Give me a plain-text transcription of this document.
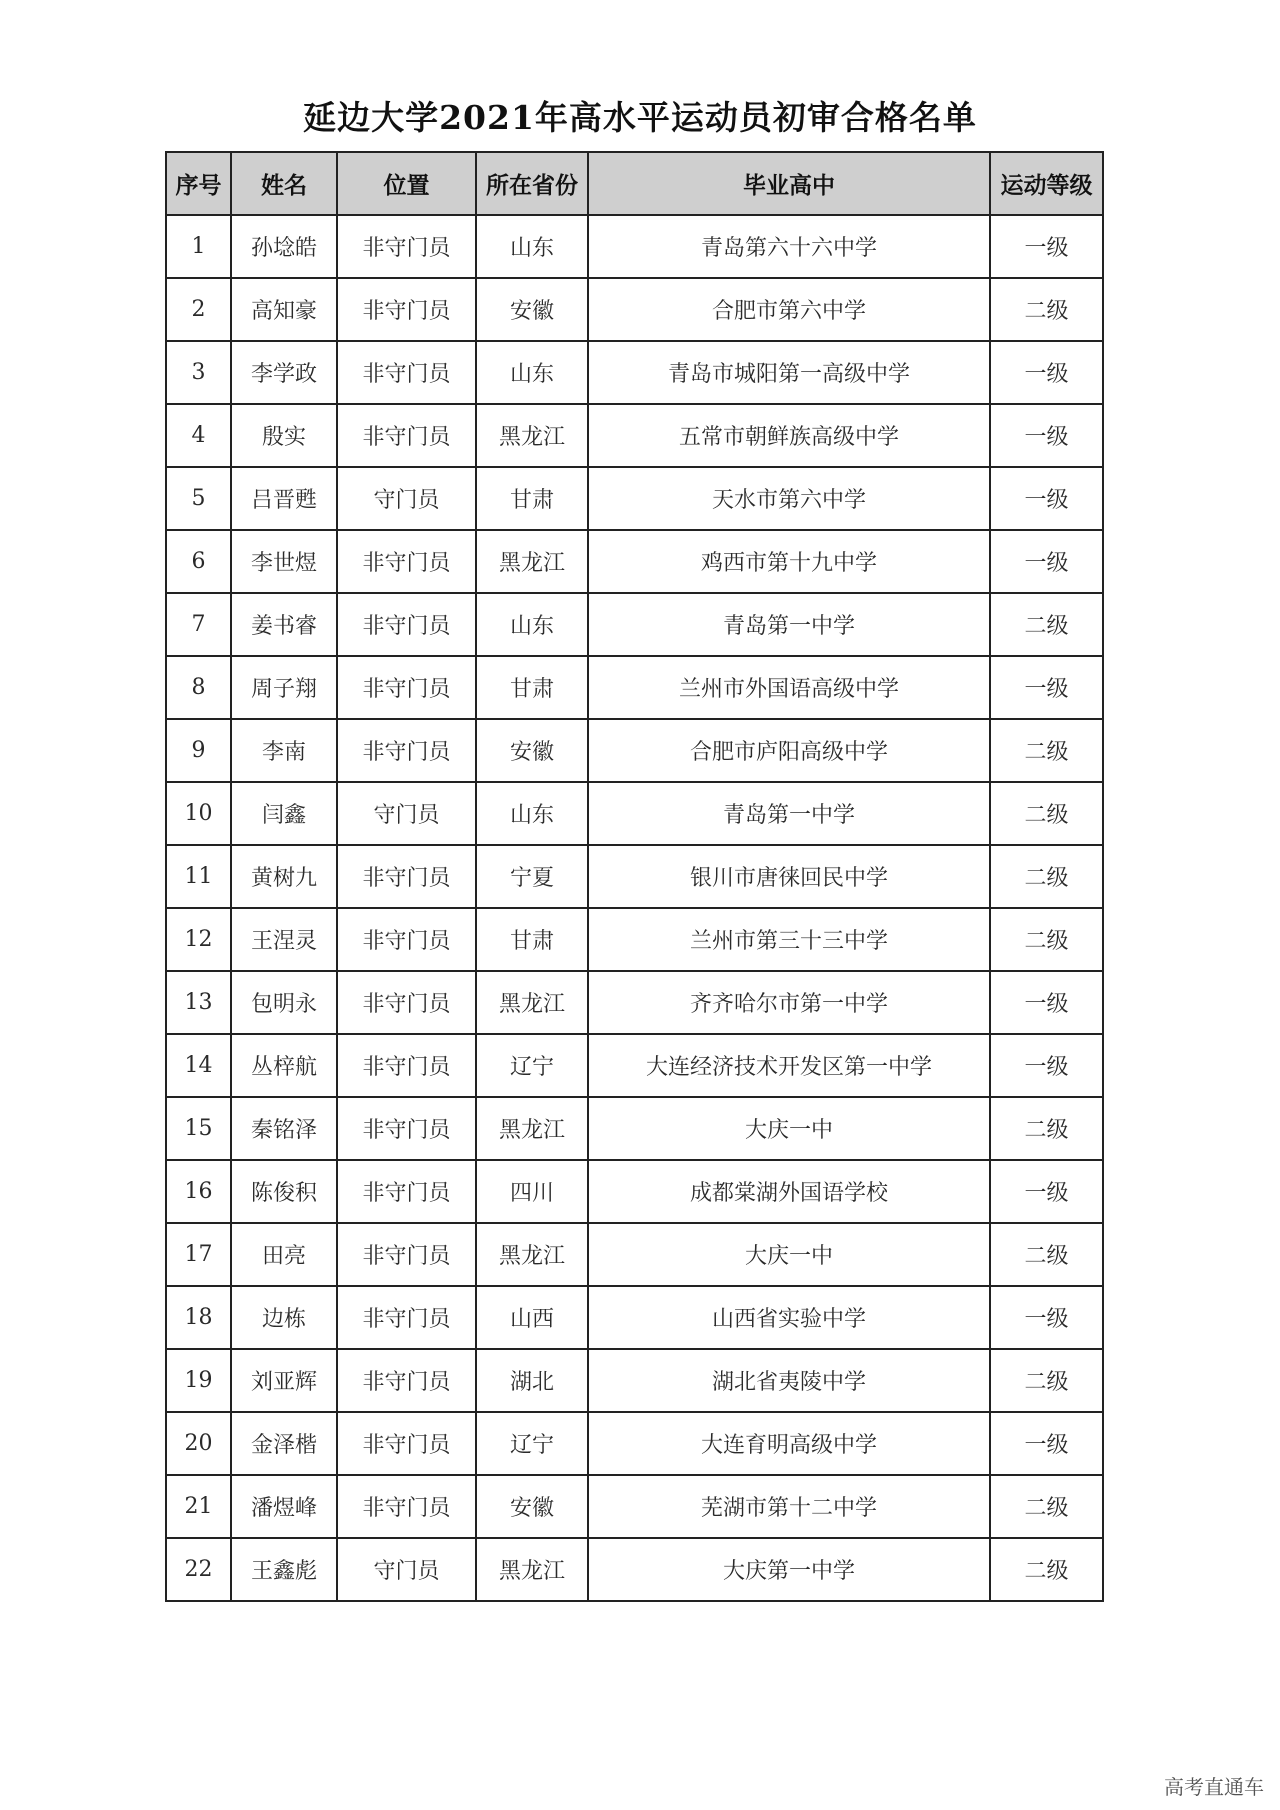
延边大学2021年高水平运动员初审合格名单
序号	姓名	位置	所在省份	毕业高中	运动等级
1	孙埝皓	非守门员	山东	青岛第六十六中学	一级
2	高知豪	非守门员	安徽	合肥市第六中学	二级
3	李学政	非守门员	山东	青岛市城阳第一高级中学	一级
4	殷实	非守门员	黑龙江	五常市朝鲜族高级中学	一级
5	吕晋甦	守门员	甘肃	天水市第六中学	一级
6	李世煜	非守门员	黑龙江	鸡西市第十九中学	一级
7	姜书睿	非守门员	山东	青岛第一中学	二级
8	周子翔	非守门员	甘肃	兰州市外国语高级中学	一级
9	李南	非守门员	安徽	合肥市庐阳高级中学	二级
10	闫鑫	守门员	山东	青岛第一中学	二级
11	黄树九	非守门员	宁夏	银川市唐徕回民中学	二级
12	王涅灵	非守门员	甘肃	兰州市第三十三中学	二级
13	包明永	非守门员	黑龙江	齐齐哈尔市第一中学	一级
14	丛梓航	非守门员	辽宁	大连经济技术开发区第一中学	一级
15	秦铭泽	非守门员	黑龙江	大庆一中	二级
16	陈俊积	非守门员	四川	成都棠湖外国语学校	一级
17	田亮	非守门员	黑龙江	大庆一中	二级
18	边栋	非守门员	山西	山西省实验中学	一级
19	刘亚辉	非守门员	湖北	湖北省夷陵中学	二级
20	金泽楷	非守门员	辽宁	大连育明高级中学	一级
21	潘煜峰	非守门员	安徽	芜湖市第十二中学	二级
22	王鑫彪	守门员	黑龙江	大庆第一中学	二级
高考直通车
